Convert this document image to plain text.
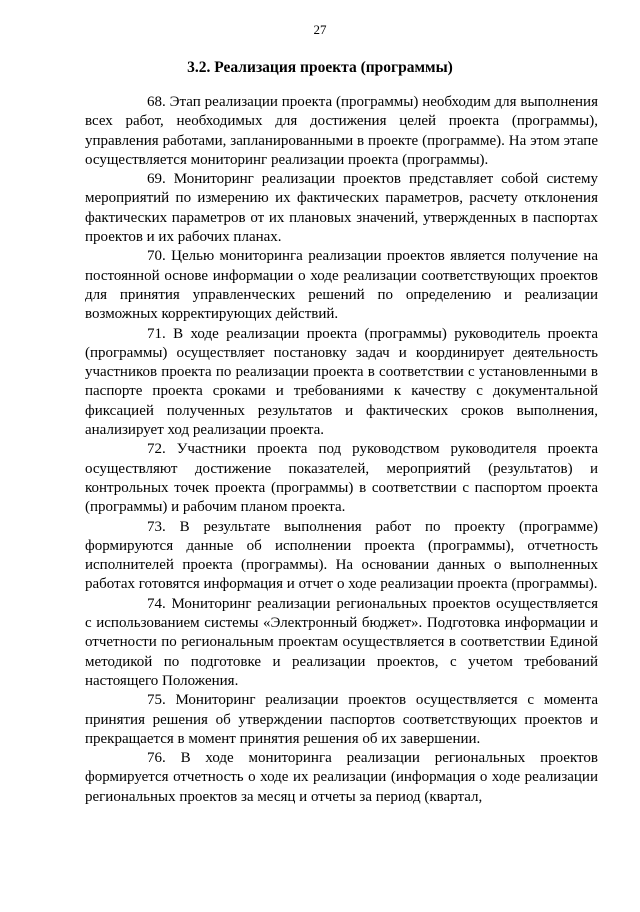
27
3.2. Реализация проекта (программы)

68. Этап реализации проекта (программы) необходим для выполнения всех работ, необходимых для достижения целей проекта (программы), управления работами, запланированными в проекте (программе). На этом этапе осуществляется мониторинг реализации проекта (программы).

69. Мониторинг реализации проектов представляет собой систему мероприятий по измерению их фактических параметров, расчету отклонения фактических параметров от их плановых значений, утвержденных в паспортах проектов и их рабочих планах.

70. Целью мониторинга реализации проектов является получение на постоянной основе информации о ходе реализации соответствующих проектов для принятия управленческих решений по определению и реализации возможных корректирующих действий.

71. В ходе реализации проекта (программы) руководитель проекта (программы) осуществляет постановку задач и координирует деятельность участников проекта по реализации проекта в соответствии с установленными в паспорте проекта сроками и требованиями к качеству с документальной фиксацией полученных результатов и фактических сроков выполнения, анализирует ход реализации проекта.

72. Участники проекта под руководством руководителя проекта осуществляют достижение показателей, мероприятий (результатов) и контрольных точек проекта (программы) в соответствии с паспортом проекта (программы) и рабочим планом проекта.

73. В результате выполнения работ по проекту (программе) формируются данные об исполнении проекта (программы), отчетность исполнителей проекта (программы). На основании данных о выполненных работах готовятся информация и отчет о ходе реализации проекта (программы).

74. Мониторинг реализации региональных проектов осуществляется с использованием системы «Электронный бюджет». Подготовка информации и отчетности по региональным проектам осуществляется в соответствии Единой методикой по подготовке и реализации проектов, с учетом требований настоящего Положения.

75. Мониторинг реализации проектов осуществляется с момента принятия решения об утверждении паспортов соответствующих проектов и прекращается в момент принятия решения об их завершении.

76. В ходе мониторинга реализации региональных проектов формируется отчетность о ходе их реализации (информация о ходе реализации региональных проектов за месяц и отчеты за период (квартал,
